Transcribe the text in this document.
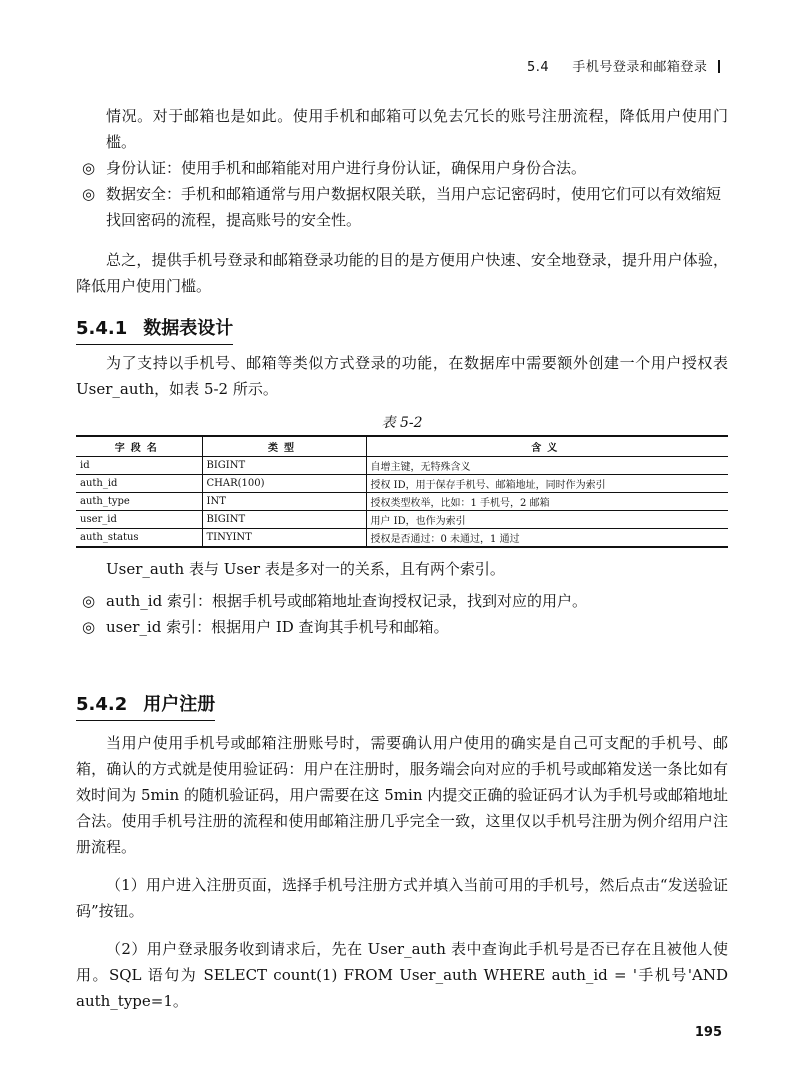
5.4 手机号登录和邮箱登录

情况。对于邮箱也是如此。使用手机和邮箱可以免去冗长的账号注册流程，降低用户使用门槛。

◎ 身份认证：使用手机和邮箱能对用户进行身份认证，确保用户身份合法。
◎ 数据安全：手机和邮箱通常与用户数据权限关联，当用户忘记密码时，使用它们可以有效缩短找回密码的流程，提高账号的安全性。

总之，提供手机号登录和邮箱登录功能的目的是方便用户快速、安全地登录，提升用户体验，降低用户使用门槛。

5.4.1 数据表设计

为了支持以手机号、邮箱等类似方式登录的功能，在数据库中需要额外创建一个用户授权表 User_auth，如表 5-2 所示。

表 5-2
字段名	类型	含义
id	BIGINT	自增主键，无特殊含义
auth_id	CHAR(100)	授权 ID，用于保存手机号、邮箱地址，同时作为索引
auth_type	INT	授权类型枚举，比如：1 手机号，2 邮箱
user_id	BIGINT	用户 ID，也作为索引
auth_status	TINYINT	授权是否通过：0 未通过，1 通过

User_auth 表与 User 表是多对一的关系，且有两个索引。

◎ auth_id 索引：根据手机号或邮箱地址查询授权记录，找到对应的用户。
◎ user_id 索引：根据用户 ID 查询其手机号和邮箱。
5.4.2 用户注册

当用户使用手机号或邮箱注册账号时，需要确认用户使用的确实是自己可支配的手机号、邮箱，确认的方式就是使用验证码：用户在注册时，服务端会向对应的手机号或邮箱发送一条比如有效时间为 5min 的随机验证码，用户需要在这 5min 内提交正确的验证码才认为手机号或邮箱地址合法。使用手机号注册的流程和使用邮箱注册几乎完全一致，这里仅以手机号注册为例介绍用户注册流程。

（1）用户进入注册页面，选择手机号注册方式并填入当前可用的手机号，然后点击“发送验证码”按钮。

（2）用户登录服务收到请求后，先在 User_auth 表中查询此手机号是否已存在且被他人使用。SQL 语句为 SELECT count(1) FROM User_auth WHERE auth_id = '手机号'AND auth_type=1。

195
